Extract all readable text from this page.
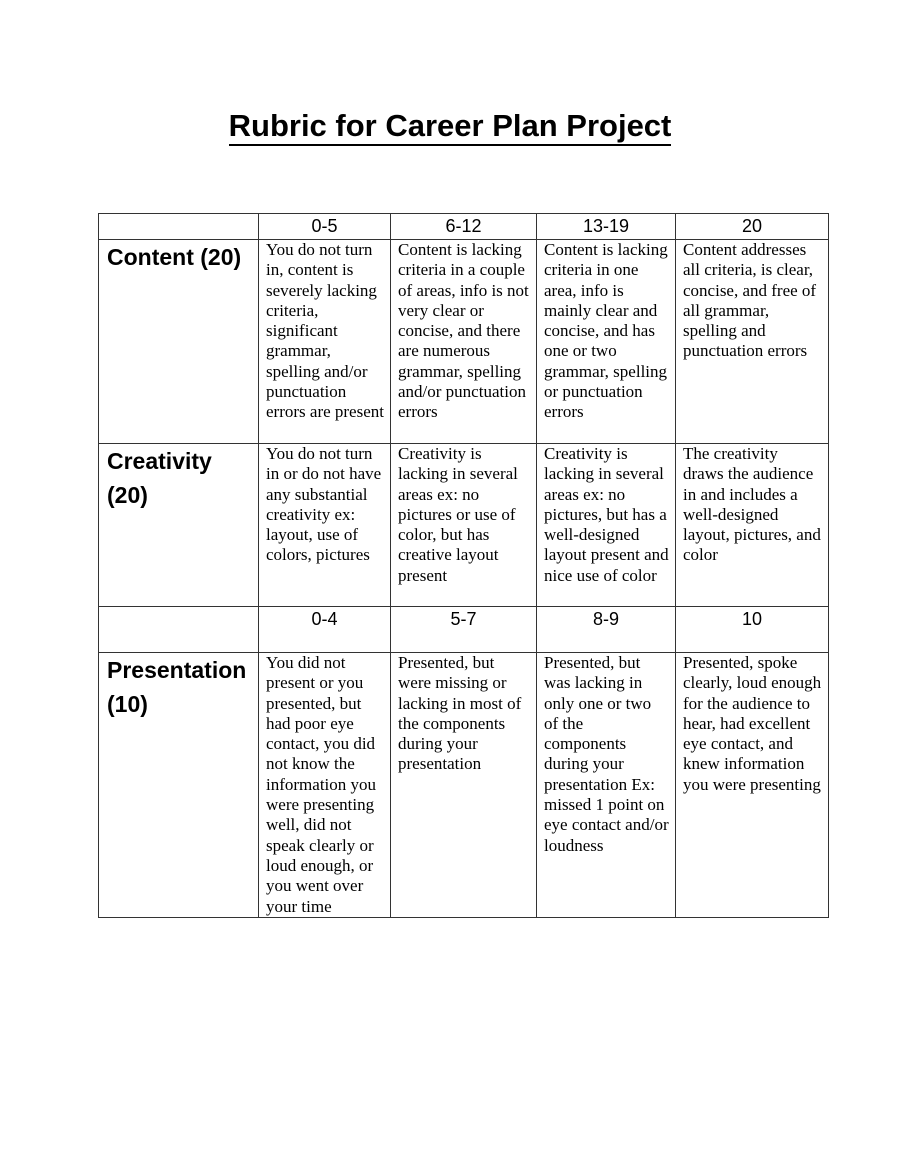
Rubric for Career Plan Project
	0-5	6-12	13-19	20
Content (20)	You do not turn in, content is severely lacking criteria, significant grammar, spelling and/or punctuation errors are present	Content is lacking criteria in a couple of areas, info is not very clear or concise, and there are numerous grammar, spelling and/or punctuation errors	Content is lacking criteria in one area, info is mainly clear and concise, and has one or two grammar, spelling or punctuation errors	Content addresses all criteria, is clear, concise, and free of all grammar, spelling and punctuation errors
Creativity (20)	You do not turn in or do not have any substantial creativity ex: layout, use of colors, pictures	Creativity is lacking in several areas ex: no pictures or use of color, but has creative layout present	Creativity is lacking in several areas ex: no pictures, but has a well-designed layout present and nice use of color	The creativity draws the audience in and includes a well-designed layout, pictures, and color
	0-4	5-7	8-9	10
Presentation (10)	You did not present or you presented, but had poor eye contact, you did not know the information you were presenting well, did not speak clearly or loud enough, or you went over your time	Presented, but were missing or lacking in most of the components during your presentation	Presented, but was lacking in only one or two of the components during your presentation Ex: missed 1 point on eye contact and/or loudness	Presented, spoke clearly, loud enough for the audience to hear, had excellent eye contact, and knew information you were presenting
